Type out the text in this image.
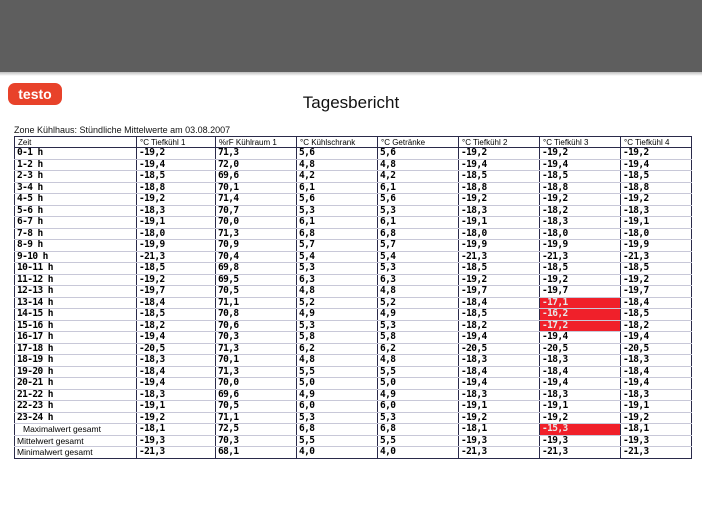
testo	Tagesbericht
Zone Kühlhaus: Stündliche Mittelwerte am 03.08.2007
Zeit	°C Tiefkühl 1	%rF Kühlraum 1	°C Kühlschrank	°C Getränke	°C Tiefkühl 2	°C Tiefkühl 3	°C Tiefkühl 4
0-1 h	-19,2	71,3	5,6	5,6	-19,2	-19,2	-19,2
1-2 h	-19,4	72,0	4,8	4,8	-19,4	-19,4	-19,4
2-3 h	-18,5	69,6	4,2	4,2	-18,5	-18,5	-18,5
3-4 h	-18,8	70,1	6,1	6,1	-18,8	-18,8	-18,8
4-5 h	-19,2	71,4	5,6	5,6	-19,2	-19,2	-19,2
5-6 h	-18,3	70,7	5,3	5,3	-18,3	-18,2	-18,3
6-7 h	-19,1	70,0	6,1	6,1	-19,1	-18,3	-19,1
7-8 h	-18,0	71,3	6,8	6,8	-18,0	-18,0	-18,0
8-9 h	-19,9	70,9	5,7	5,7	-19,9	-19,9	-19,9
9-10 h	-21,3	70,4	5,4	5,4	-21,3	-21,3	-21,3
10-11 h	-18,5	69,8	5,3	5,3	-18,5	-18,5	-18,5
11-12 h	-19,2	69,5	6,3	6,3	-19,2	-19,2	-19,2
12-13 h	-19,7	70,5	4,8	4,8	-19,7	-19,7	-19,7
13-14 h	-18,4	71,1	5,2	5,2	-18,4	-17,1	-18,4
14-15 h	-18,5	70,8	4,9	4,9	-18,5	-16,2	-18,5
15-16 h	-18,2	70,6	5,3	5,3	-18,2	-17,2	-18,2
16-17 h	-19,4	70,3	5,8	5,8	-19,4	-19,4	-19,4
17-18 h	-20,5	71,3	6,2	6,2	-20,5	-20,5	-20,5
18-19 h	-18,3	70,1	4,8	4,8	-18,3	-18,3	-18,3
19-20 h	-18,4	71,3	5,5	5,5	-18,4	-18,4	-18,4
20-21 h	-19,4	70,0	5,0	5,0	-19,4	-19,4	-19,4
21-22 h	-18,3	69,6	4,9	4,9	-18,3	-18,3	-18,3
22-23 h	-19,1	70,5	6,0	6,0	-19,1	-19,1	-19,1
23-24 h	-19,2	71,1	5,3	5,3	-19,2	-19,2	-19,2
Maximalwert gesamt	-18,1	72,5	6,8	6,8	-18,1	-15,3	-18,1
Mittelwert gesamt	-19,3	70,3	5,5	5,5	-19,3	-19,3	-19,3
Minimalwert gesamt	-21,3	68,1	4,0	4,0	-21,3	-21,3	-21,3
